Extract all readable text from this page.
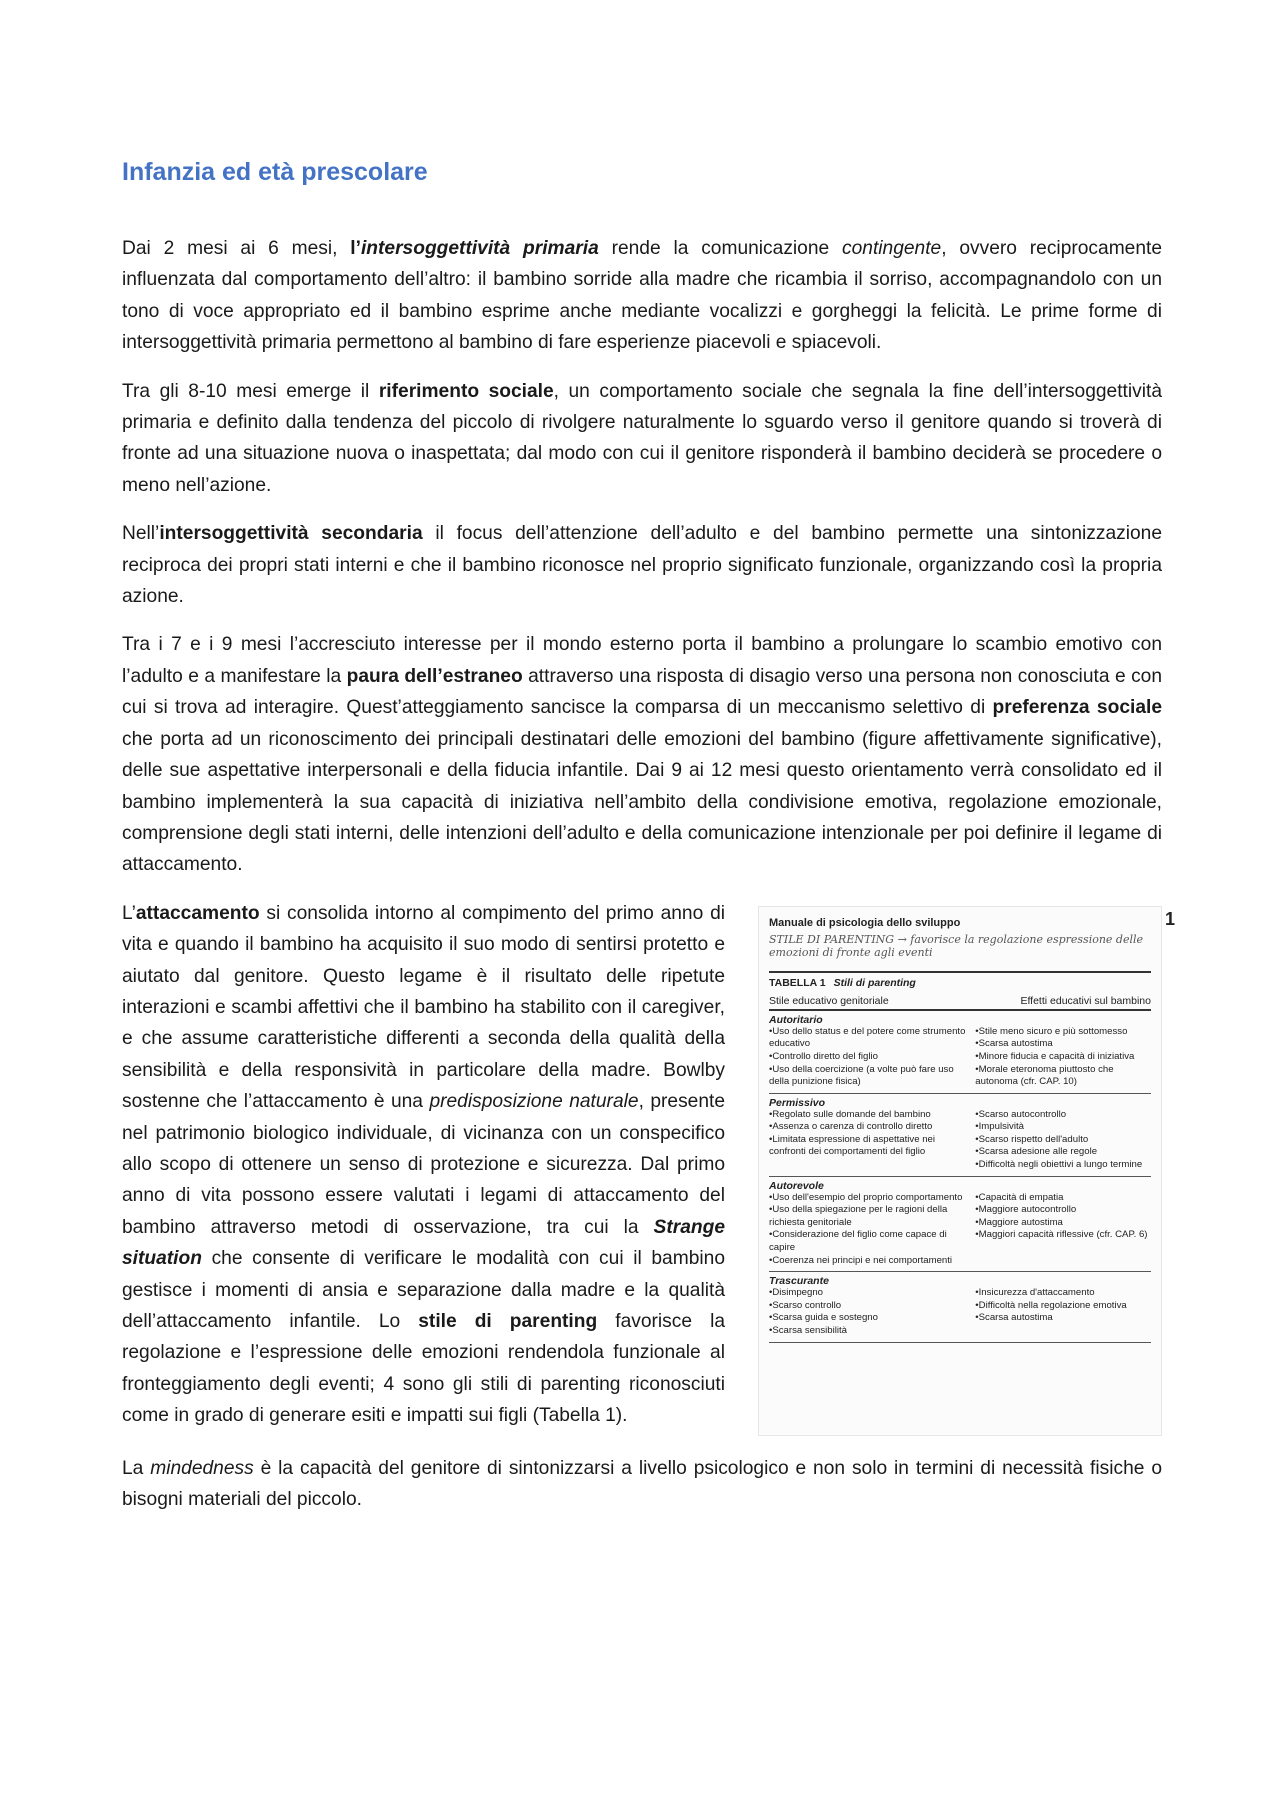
Infanzia ed età prescolare

Dai 2 mesi ai 6 mesi, l’intersoggettività primaria rende la comunicazione contingente, ovvero reciprocamente influenzata dal comportamento dell’altro: il bambino sorride alla madre che ricambia il sorriso, accompagnandolo con un tono di voce appropriato ed il bambino esprime anche mediante vocalizzi e gorgheggi la felicità. Le prime forme di intersoggettività primaria permettono al bambino di fare esperienze piacevoli e spiacevoli.

Tra gli 8-10 mesi emerge il riferimento sociale, un comportamento sociale che segnala la fine dell’intersoggettività primaria e definito dalla tendenza del piccolo di rivolgere naturalmente lo sguardo verso il genitore quando si troverà di fronte ad una situazione nuova o inaspettata; dal modo con cui il genitore risponderà il bambino deciderà se procedere o meno nell’azione.

Nell’intersoggettività secondaria il focus dell’attenzione dell’adulto e del bambino permette una sintonizzazione reciproca dei propri stati interni e che il bambino riconosce nel proprio significato funzionale, organizzando così la propria azione.

Tra i 7 e i 9 mesi l’accresciuto interesse per il mondo esterno porta il bambino a prolungare lo scambio emotivo con l’adulto e a manifestare la paura dell’estraneo attraverso una risposta di disagio verso una persona non conosciuta e con cui si trova ad interagire. Quest’atteggiamento sancisce la comparsa di un meccanismo selettivo di preferenza sociale che porta ad un riconoscimento dei principali destinatari delle emozioni del bambino (figure affettivamente significative), delle sue aspettative interpersonali e della fiducia infantile. Dai 9 ai 12 mesi questo orientamento verrà consolidato ed il bambino implementerà la sua capacità di iniziativa nell’ambito della condivisione emotiva, regolazione emozionale, comprensione degli stati interni, delle intenzioni dell’adulto e della comunicazione intenzionale per poi definire il legame di attaccamento.

L’attaccamento si consolida intorno al compimento del primo anno di vita e quando il bambino ha acquisito il suo modo di sentirsi protetto e aiutato dal genitore. Questo legame è il risultato delle ripetute interazioni e scambi affettivi che il bambino ha stabilito con il caregiver, e che assume caratteristiche differenti a seconda della qualità della sensibilità e della responsività in particolare della madre. Bowlby sostenne che l’attaccamento è una predisposizione naturale, presente nel patrimonio biologico individuale, di vicinanza con un conspecifico allo scopo di ottenere un senso di protezione e sicurezza. Dal primo anno di vita possono essere valutati i legami di attaccamento del bambino attraverso metodi di osservazione, tra cui la Strange situation che consente di verificare le modalità con cui il bambino gestisce i momenti di ansia e separazione dalla madre e la qualità dell’attaccamento infantile. Lo stile di parenting favorisce la regolazione e l’espressione delle emozioni rendendola funzionale al fronteggiamento degli eventi; 4 sono gli stili di parenting riconosciuti come in grado di generare esiti e impatti sui figli (Tabella 1).

1
Manuale di psicologia dello sviluppo
STILE DI PARENTING → favorisce la regolazione espressione delle emozioni di fronte agli eventi
TABELLA 1 Stili di parenting
Stile educativo genitoriale	Effetti educativi sul bambino
Autoritario
• Uso dello status e del potere come strumento educativo
• Controllo diretto del figlio
• Uso della coercizione (a volte può fare uso della punizione fisica)
• Stile meno sicuro e più sottomesso
• Scarsa autostima
• Minore fiducia e capacità di iniziativa
• Morale eteronoma piuttosto che autonoma (cfr. CAP. 10)
Permissivo
• Regolato sulle domande del bambino
• Assenza o carenza di controllo diretto
• Limitata espressione di aspettative nei confronti dei comportamenti del figlio
• Scarso autocontrollo
• Impulsività
• Scarso rispetto dell'adulto
• Scarsa adesione alle regole
• Difficoltà negli obiettivi a lungo termine
Autorevole
• Uso dell'esempio del proprio comportamento
• Uso della spiegazione per le ragioni della richiesta genitoriale
• Considerazione del figlio come capace di capire
• Coerenza nei principi e nei comportamenti
• Capacità di empatia
• Maggiore autocontrollo
• Maggiore autostima
• Maggiori capacità riflessive (cfr. CAP. 6)
Trascurante
• Disimpegno
• Scarso controllo
• Scarsa guida e sostegno
• Scarsa sensibilità
• Insicurezza d'attaccamento
• Difficoltà nella regolazione emotiva
• Scarsa autostima

La mindedness è la capacità del genitore di sintonizzarsi a livello psicologico e non solo in termini di necessità fisiche o bisogni materiali del piccolo.
